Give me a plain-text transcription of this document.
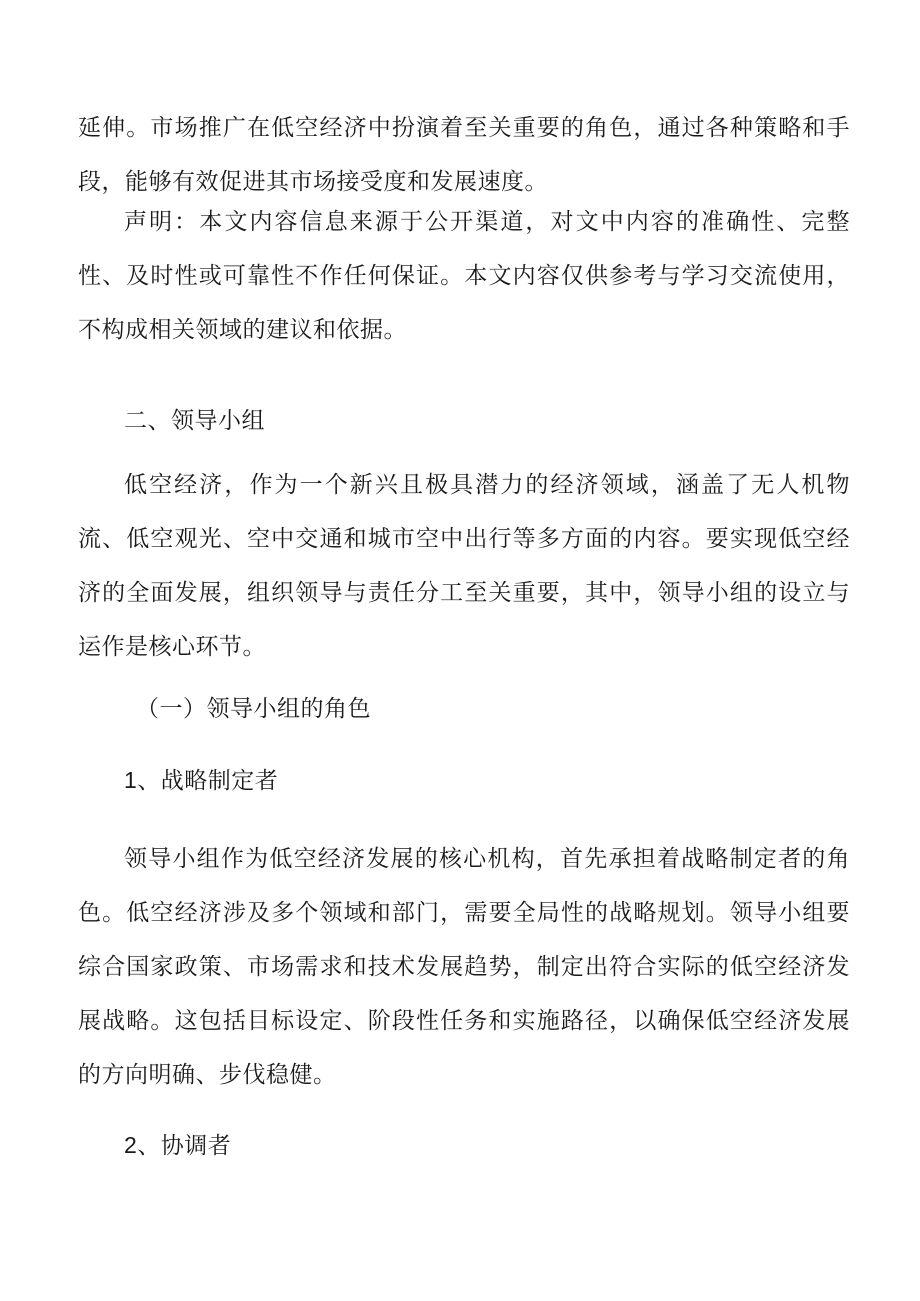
延伸。市场推广在低空经济中扮演着至关重要的角色，通过各种策略和手段，能够有效促进其市场接受度和发展速度。

声明：本文内容信息来源于公开渠道，对文中内容的准确性、完整性、及时性或可靠性不作任何保证。本文内容仅供参考与学习交流使用，不构成相关领域的建议和依据。

二、领导小组

低空经济，作为一个新兴且极具潜力的经济领域，涵盖了无人机物流、低空观光、空中交通和城市空中出行等多方面的内容。要实现低空经济的全面发展，组织领导与责任分工至关重要，其中，领导小组的设立与运作是核心环节。

（一）领导小组的角色

1、战略制定者

领导小组作为低空经济发展的核心机构，首先承担着战略制定者的角色。低空经济涉及多个领域和部门，需要全局性的战略规划。领导小组要综合国家政策、市场需求和技术发展趋势，制定出符合实际的低空经济发展战略。这包括目标设定、阶段性任务和实施路径，以确保低空经济发展的方向明确、步伐稳健。

2、协调者
